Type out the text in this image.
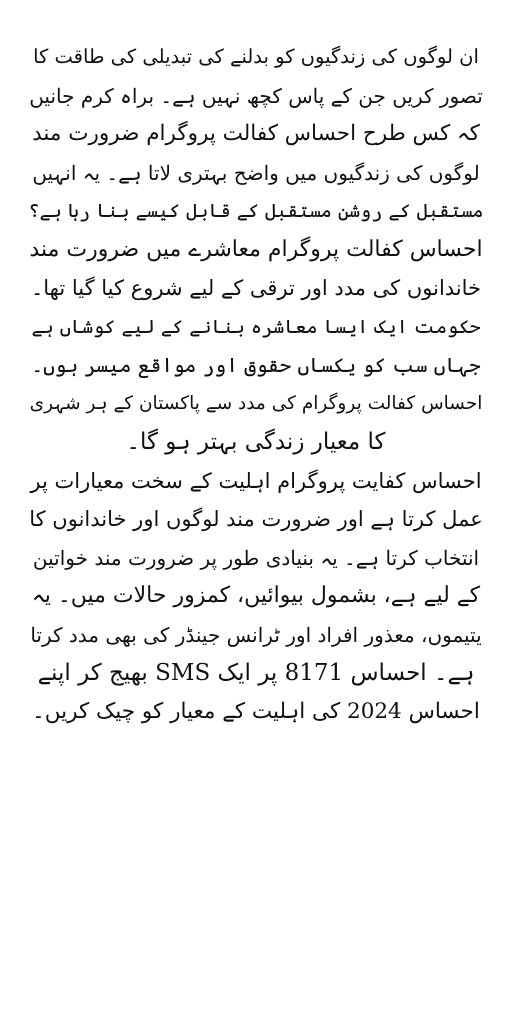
ان لوگوں کی زندگیوں کو بدلنے کی تبدیلی کی طاقت کا
تصور کریں جن کے پاس کچھ نہیں ہے۔ براہ کرم جانیں
کہ کس طرح احساس کفالت پروگرام ضرورت مند
لوگوں کی زندگیوں میں واضح بہتری لاتا ہے۔ یہ انہیں
مستقبل کے روشن مستقبل کے قابل کیسے بنا رہا ہے؟
احساس کفالت پروگرام معاشرے میں ضرورت مند
خاندانوں کی مدد اور ترقی کے لیے شروع کیا گیا تھا۔
حکومت ایک ایسا معاشرہ بنانے کے لیے کوشاں ہے
جہاں سب کو یکساں حقوق اور مواقع میسر ہوں۔
احساس کفالت پروگرام کی مدد سے پاکستان کے ہر شہری
کا معیار زندگی بہتر ہو گا۔
احساس کفایت پروگرام اہلیت کے سخت معیارات پر
عمل کرتا ہے اور ضرورت مند لوگوں اور خاندانوں کا
انتخاب کرتا ہے۔ یہ بنیادی طور پر ضرورت مند خواتین
کے لیے ہے، بشمول بیوائیں، کمزور حالات میں۔ یہ
یتیموں، معذور افراد اور ٹرانس جینڈر کی بھی مدد کرتا
ہے۔ احساس 8171 پر ایک SMS بھیج کر اپنے
احساس 2024 کی اہلیت کے معیار کو چیک کریں۔
